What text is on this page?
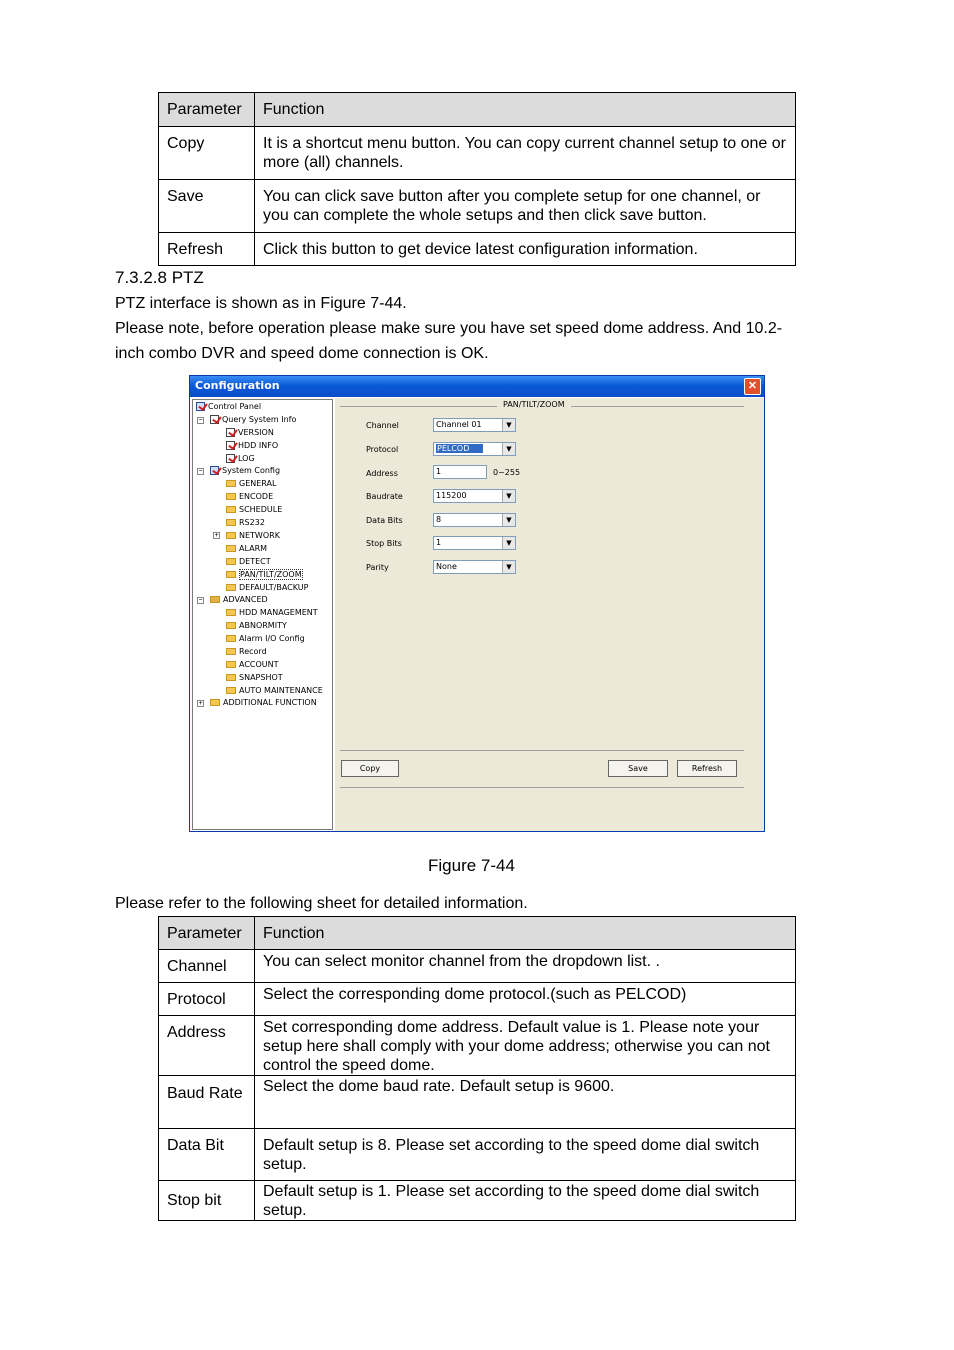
Parameter	Function
Copy	It is a shortcut menu button. You can copy current channel setup to one or more (all) channels.
Save	You can click save button after you complete setup for one channel, or you can complete the whole setups and then click save button.
Refresh	Click this button to get device latest configuration information.
7.3.2.8 PTZ
PTZ interface is shown as in Figure 7-44.
Please note, before operation please make sure you have set speed dome address. And 10.2-
inch combo DVR and speed dome connection is OK.
Configuration	✕
Control Panel
−	Query System Info
VERSION
HDD INFO
LOG
−	System Config
GENERAL
ENCODE
SCHEDULE
RS232
+	NETWORK
ALARM
DETECT
PAN/TILT/ZOOM
DEFAULT/BACKUP
−	ADVANCED
HDD MANAGEMENT
ABNORMITY
Alarm I/O Config
Record
ACCOUNT
SNAPSHOT
AUTO MAINTENANCE
+	ADDITIONAL FUNCTION
PAN/TILT/ZOOM
Channel	Channel 01	▼
Protocol	PELCOD	▼
Address	1	0~255
Baudrate	115200	▼
Data Bits	8	▼
Stop Bits	1	▼
Parity	None	▼
Copy	Save	Refresh
Figure 7-44
Please refer to the following sheet for detailed information.
Parameter	Function
Channel	You can select monitor channel from the dropdown list. .
Protocol	Select the corresponding dome protocol.(such as PELCOD)
Address	Set corresponding dome address. Default value is 1. Please note your setup here shall comply with your dome address; otherwise you can not control the speed dome.
Baud Rate	Select the dome baud rate. Default setup is 9600.
Data Bit	Default setup is 8. Please set according to the speed dome dial switch setup.
Stop bit	Default setup is 1. Please set according to the speed dome dial switch setup.
